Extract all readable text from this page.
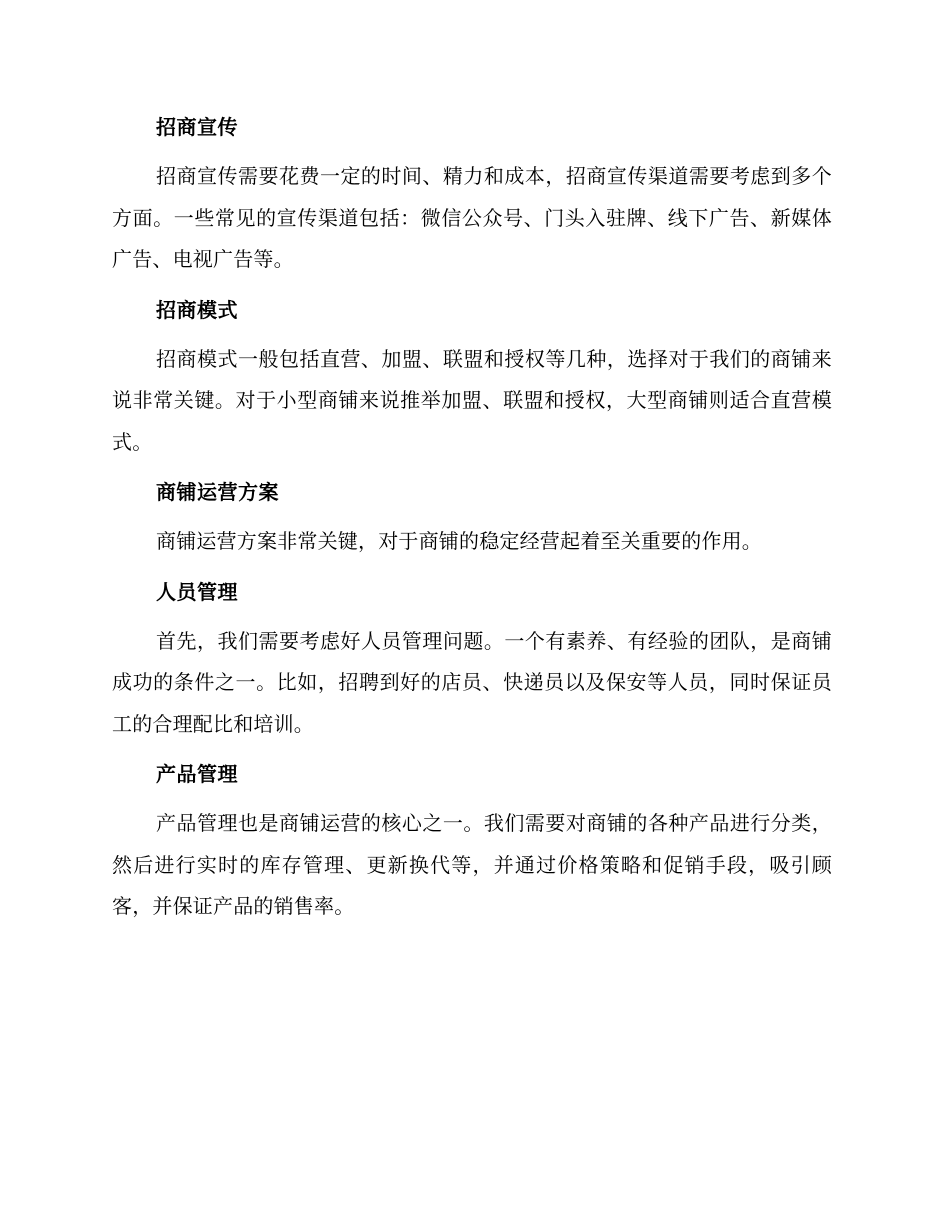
招商宣传
招商宣传需要花费一定的时间、精力和成本，招商宣传渠道需要考虑到多个方面。一些常见的宣传渠道包括：微信公众号、门头入驻牌、线下广告、新媒体广告、电视广告等。
招商模式
招商模式一般包括直营、加盟、联盟和授权等几种，选择对于我们的商铺来说非常关键。对于小型商铺来说推举加盟、联盟和授权，大型商铺则适合直营模式。
商铺运营方案
商铺运营方案非常关键，对于商铺的稳定经营起着至关重要的作用。
人员管理
首先，我们需要考虑好人员管理问题。一个有素养、有经验的团队，是商铺成功的条件之一。比如，招聘到好的店员、快递员以及保安等人员，同时保证员工的合理配比和培训。
产品管理
产品管理也是商铺运营的核心之一。我们需要对商铺的各种产品进行分类，然后进行实时的库存管理、更新换代等，并通过价格策略和促销手段，吸引顾客，并保证产品的销售率。
